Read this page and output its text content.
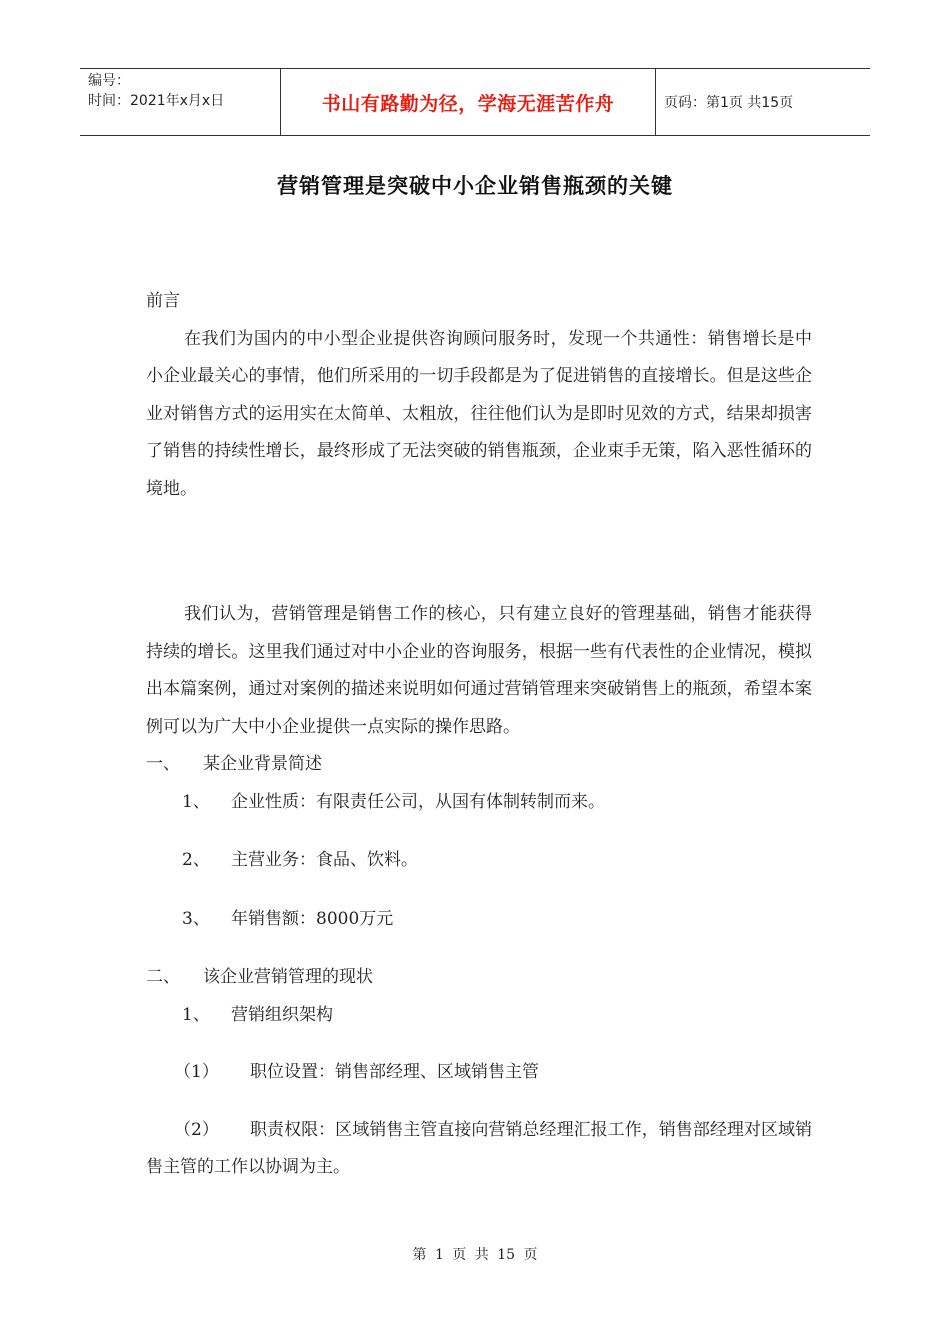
编号：
时间：2021年x月x日	书山有路勤为径，学海无涯苦作舟	页码：第1页 共15页
营销管理是突破中小企业销售瓶颈的关键

前言

在我们为国内的中小型企业提供咨询顾问服务时，发现一个共通性：销售增长是中小企业最关心的事情，他们所采用的一切手段都是为了促进销售的直接增长。但是这些企业对销售方式的运用实在太简单、太粗放，往往他们认为是即时见效的方式，结果却损害了销售的持续性增长，最终形成了无法突破的销售瓶颈，企业束手无策，陷入恶性循环的境地。

我们认为，营销管理是销售工作的核心，只有建立良好的管理基础，销售才能获得持续的增长。这里我们通过对中小企业的咨询服务，根据一些有代表性的企业情况，模拟出本篇案例，通过对案例的描述来说明如何通过营销管理来突破销售上的瓶颈，希望本案例可以为广大中小企业提供一点实际的操作思路。

一、	某企业背景简述
1、	企业性质：有限责任公司，从国有体制转制而来。
2、	主营业务：食品、饮料。
3、	年销售额：8000万元
二、	该企业营销管理的现状
1、	营销组织架构
（1）	职位设置：销售部经理、区域销售主管

（2） 职责权限：区域销售主管直接向营销总经理汇报工作，销售部经理对区域销售主管的工作以协调为主。

第 1 页 共 15 页
